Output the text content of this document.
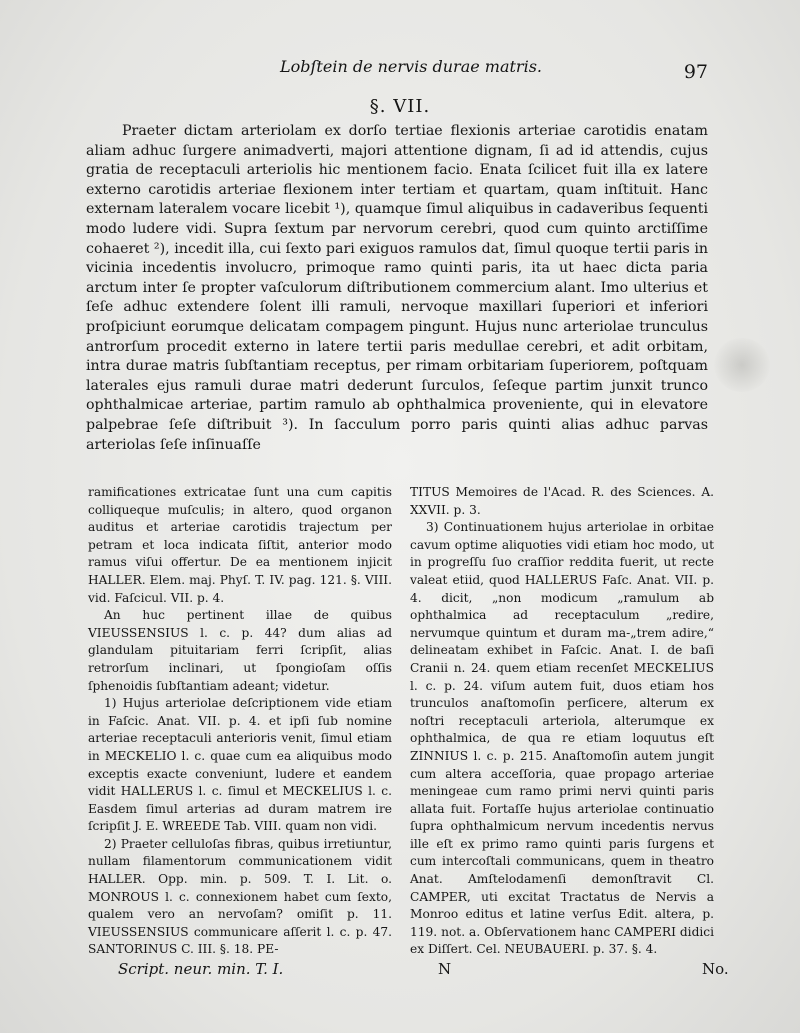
Lobſtein de nervis durae matris.	97
§. VII.

Praeter dictam arteriolam ex dorſo tertiae flexionis arteriae carotidis enatam aliam adhuc ſurgere animadverti, majori attentione dignam, ſi ad id attendis, cujus gratia de receptaculi arteriolis hic mentionem facio. Enata ſcilicet fuit illa ex latere externo carotidis arteriae flexionem inter tertiam et quartam, quam inſtituit. Hanc externam lateralem vocare licebit ¹), quamque ſimul aliquibus in cadaveribus ſequenti modo ludere vidi. Supra ſextum par nervorum cerebri, quod cum quinto arctiſſime cohaeret ²), incedit illa, cui ſexto pari exiguos ramulos dat, ſimul quoque tertii paris in vicinia incedentis involucro, primoque ramo quinti paris, ita ut haec dicta paria arctum inter ſe propter vaſculorum diſtributionem commercium alant. Imo ulterius et ſeſe adhuc extendere ſolent illi ramuli, nervoque maxillari ſuperiori et inferiori proſpiciunt eorumque delicatam compagem pingunt. Hujus nunc arteriolae trunculus antrorſum procedit externo in latere tertii paris medullae cerebri, et adit orbitam, intra durae matris ſubſtantiam receptus, per rimam orbitariam ſuperiorem, poſtquam laterales ejus ramuli durae matri dederunt ſurculos, ſeſeque partim junxit trunco ophthalmicae arteriae, partim ramulo ab ophthalmica proveniente, qui in elevatore palpebrae ſeſe diſtribuit ³). In ſacculum porro paris quinti alias adhuc parvas arteriolas ſeſe inſinuaſſe

ramificationes extricatae ſunt una cum capitis colliqueque muſculis; in altero, quod organon auditus et arteriae carotidis trajectum per petram et loca indicata ſiſtit, anterior modo ramus viſui offertur. De ea mentionem injicit HALLER. Elem. maj. Phyſ. T. IV. pag. 121. §. VIII. vid. Faſcicul. VII. p. 4.

An huc pertinent illae de quibus VIEUSSENSIUS l. c. p. 44? dum alias ad glandulam pituitariam ferri ſcripſit, alias retrorſum inclinari, ut ſpongioſam oſſis ſphenoidis ſubſtantiam adeant; videtur.

1) Hujus arteriolae deſcriptionem vide etiam in Faſcic. Anat. VII. p. 4. et ipſi ſub nomine arteriae receptaculi anterioris venit, ſimul etiam in MECKELIO l. c. quae cum ea aliquibus modo exceptis exacte conveniunt, ludere et eandem vidit HALLERUS l. c. ſimul et MECKELIUS l. c. Easdem ſimul arterias ad duram matrem ire ſcripſit J. E. WREEDE Tab. VIII. quam non vidi.

2) Praeter celluloſas fibras, quibus irretiuntur, nullam filamentorum communicationem vidit HALLER. Opp. min. p. 509. T. I. Lit. o. MONROUS l. c. connexionem habet cum ſexto, qualem vero an nervoſam? omiſit p. 11. VIEUSSENSIUS communicare aſſerit l. c. p. 47. SANTORINUS C. III. §. 18. PE-

TITUS Memoires de l'Acad. R. des Sciences. A. XXVII. p. 3.

3) Continuationem hujus arteriolae in orbitae cavum optime aliquoties vidi etiam hoc modo, ut in progreſſu ſuo craſſior reddita fuerit, ut recte valeat etiid, quod HALLERUS Faſc. Anat. VII. p. 4. dicit, „non modicum „ramulum ab ophthalmica ad receptaculum „redire, nervumque quintum et duram ma-„trem adire,“ delineatam exhibet in Faſcic. Anat. I. de baſi Cranii n. 24. quem etiam recenſet MECKELIUS l. c. p. 24. viſum autem fuit, duos etiam hos trunculos anaſtomoſin perſicere, alterum ex noſtri receptaculi arteriola, alterumque ex ophthalmica, de qua re etiam loquutus eſt ZINNIUS l. c. p. 215. Anaſtomoſin autem jungit cum altera acceſſoria, quae propago arteriae meningeae cum ramo primi nervi quinti paris allata fuit. Fortaſſe hujus arteriolae continuatio ſupra ophthalmicum nervum incedentis nervus ille eſt ex primo ramo quinti paris ſurgens et cum intercoſtali communicans, quem in theatro Anat. Amſtelodamenſi demonſtravit Cl. CAMPER, uti excitat Tractatus de Nervis a Monroo editus et latine verſus Edit. altera, p. 119. not. a. Obſervationem hanc CAMPERI didici ex Diſſert. Cel. NEUBAUERI. p. 37. §. 4.

Script. neur. min. T. I.	N	No.
